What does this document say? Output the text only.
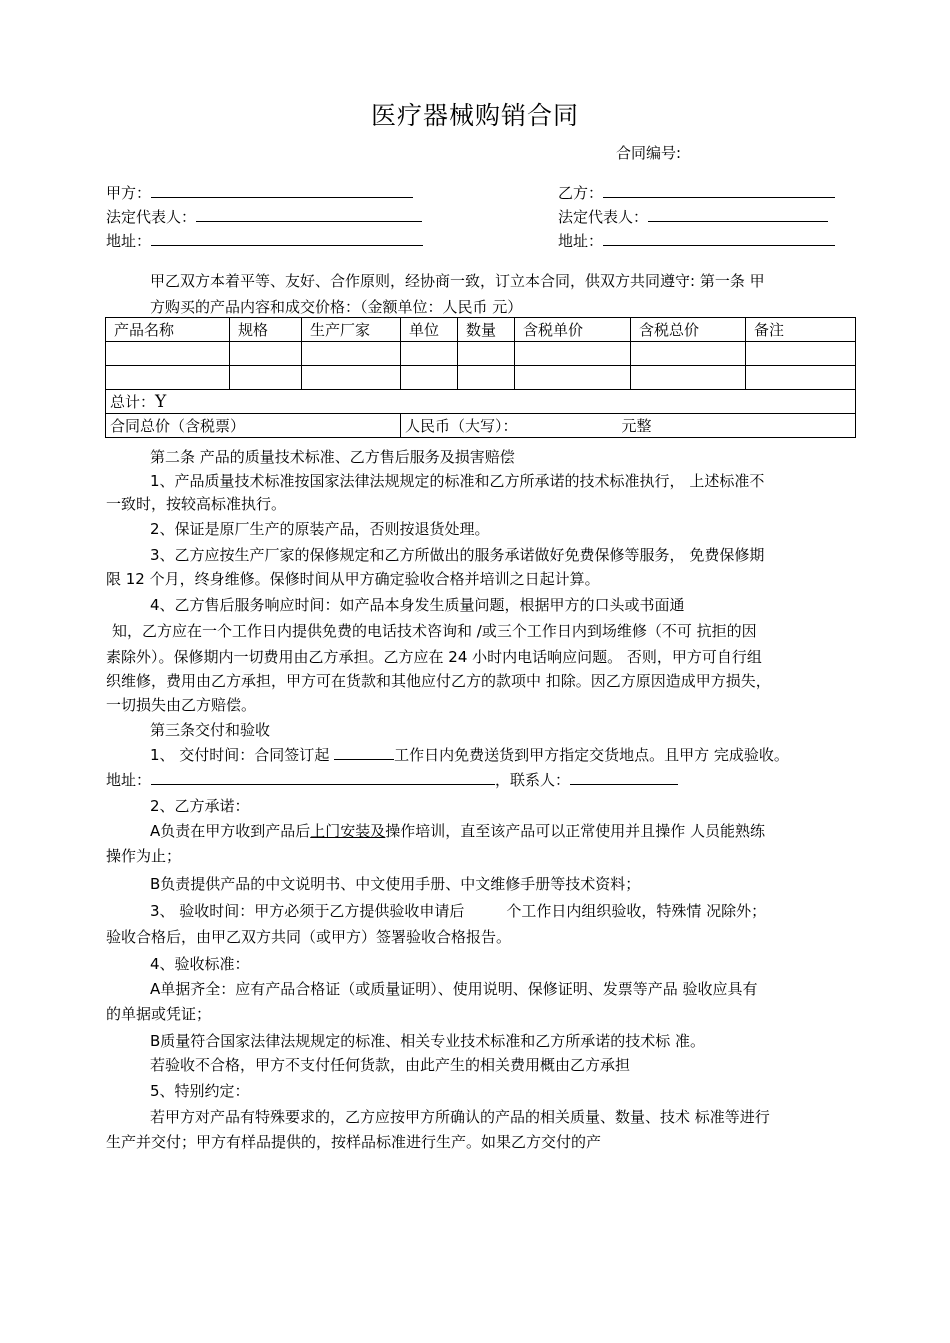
医疗器械购销合同
合同编号:
甲方：
法定代表人：
地址：
乙方：
法定代表人：
地址：
甲乙双方本着平等、友好、合作原则，经协商一致，订立本合同，供双方共同遵守: 第一条 甲
方购买的产品内容和成交价格：（金额单位：人民币 元）
产品名称	规格	生产厂家	单位	数量	含税单价	含税总价	备注

总计：Y							
合同总价（含税票）			人民币（大写）： 元整				
第二条 产品的质量技术标准、乙方售后服务及损害赔偿
1、产品质量技术标准按国家法律法规规定的标准和乙方所承诺的技术标准执行， 上述标准不
一致时，按较高标准执行。
2、保证是原厂生产的原装产品，否则按退货处理。
3、乙方应按生产厂家的保修规定和乙方所做出的服务承诺做好免费保修等服务， 免费保修期
限 12 个月，终身维修。保修时间从甲方确定验收合格并培训之日起计算。
4、乙方售后服务响应时间：如产品本身发生质量问题，根据甲方的口头或书面通
知，乙方应在一个工作日内提供免费的电话技术咨询和 /或三个工作日内到场维修（不可 抗拒的因
素除外）。保修期内一切费用由乙方承担。乙方应在 24 小时内电话响应问题。 否则，甲方可自行组
织维修，费用由乙方承担，甲方可在货款和其他应付乙方的款项中 扣除。因乙方原因造成甲方损失，
一切损失由乙方赔偿。
第三条交付和验收
1、 交付时间：合同签订起	工作日内免费送货到甲方指定交货地点。且甲方 完成验收。
地址：	，联系人：
2、乙方承诺：
A负责在甲方收到产品后上门安装及操作培训，直至该产品可以正常使用并且操作 人员能熟练
操作为止；
B负责提供产品的中文说明书、中文使用手册、中文维修手册等技术资料；
3、 验收时间：甲方必须于乙方提供验收申请后	个工作日内组织验收，特殊情 况除外；
验收合格后，由甲乙双方共同（或甲方）签署验收合格报告。
4、验收标准：
A单据齐全：应有产品合格证（或质量证明）、使用说明、保修证明、发票等产品 验收应具有
的单据或凭证；
B质量符合国家法律法规规定的标准、相关专业技术标准和乙方所承诺的技术标 准。
若验收不合格，甲方不支付任何货款，由此产生的相关费用概由乙方承担
5、特别约定：
若甲方对产品有特殊要求的，乙方应按甲方所确认的产品的相关质量、数量、技术 标准等进行
生产并交付；甲方有样品提供的，按样品标准进行生产。如果乙方交付的产
